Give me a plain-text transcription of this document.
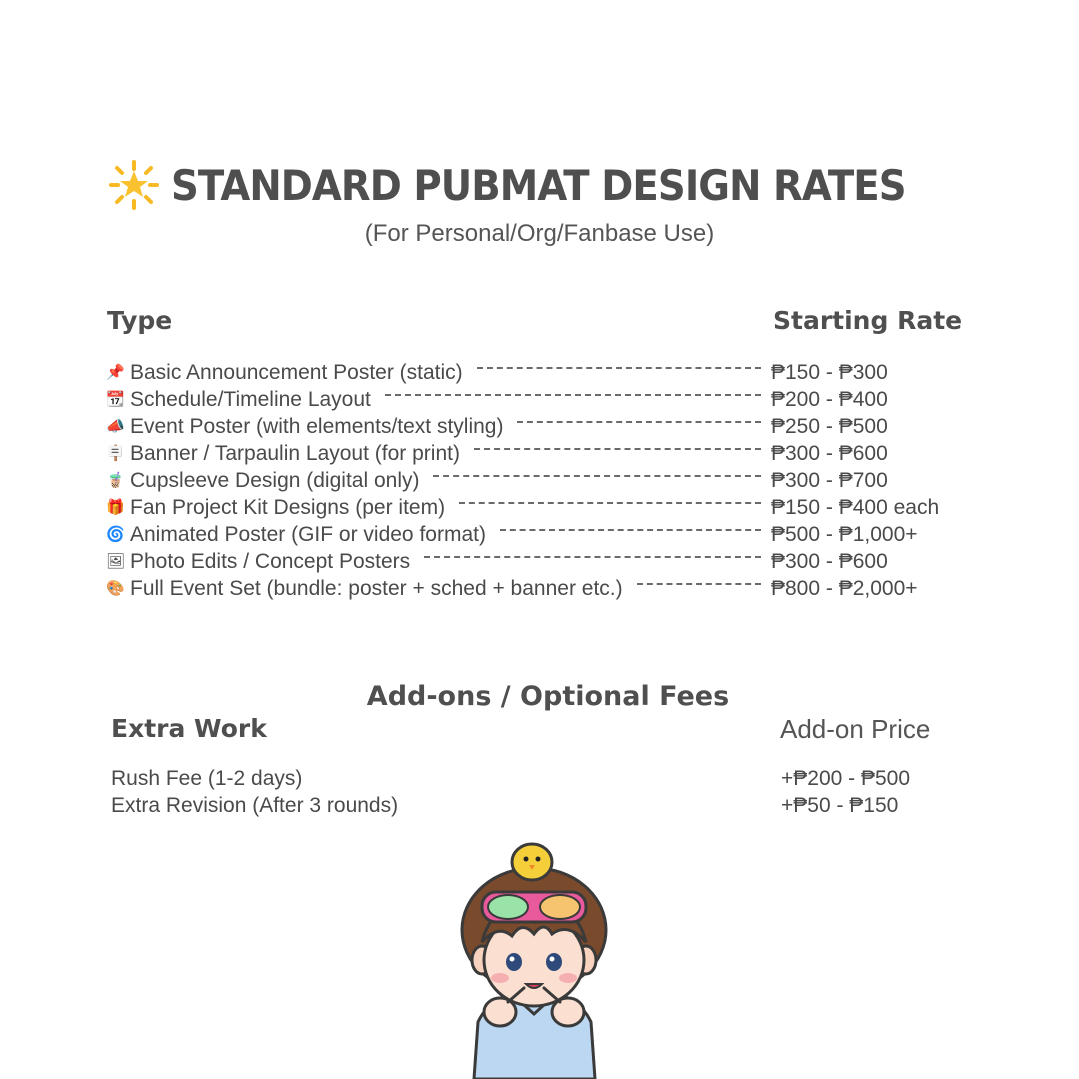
STANDARD PUBMAT DESIGN RATES
(For Personal/Org/Fanbase Use)
Type	Starting Rate
📌 Basic Announcement Poster (static)	₱150 - ₱300
📆 Schedule/Timeline Layout	₱200 - ₱400
📣 Event Poster (with elements/text styling)	₱250 - ₱500
🪧 Banner / Tarpaulin Layout (for print)	₱300 - ₱600
🧋 Cupsleeve Design (digital only)	₱300 - ₱700
🎁 Fan Project Kit Designs (per item)	₱150 - ₱400 each
🌀 Animated Poster (GIF or video format)	₱500 - ₱1,000+
🖼 Photo Edits / Concept Posters	₱300 - ₱600
🎨 Full Event Set (bundle: poster + sched + banner etc.)	₱800 - ₱2,000+
Add-ons / Optional Fees
Extra Work	Add-on Price
Rush Fee (1-2 days)	+₱200 - ₱500
Extra Revision (After 3 rounds)	+₱50 - ₱150
